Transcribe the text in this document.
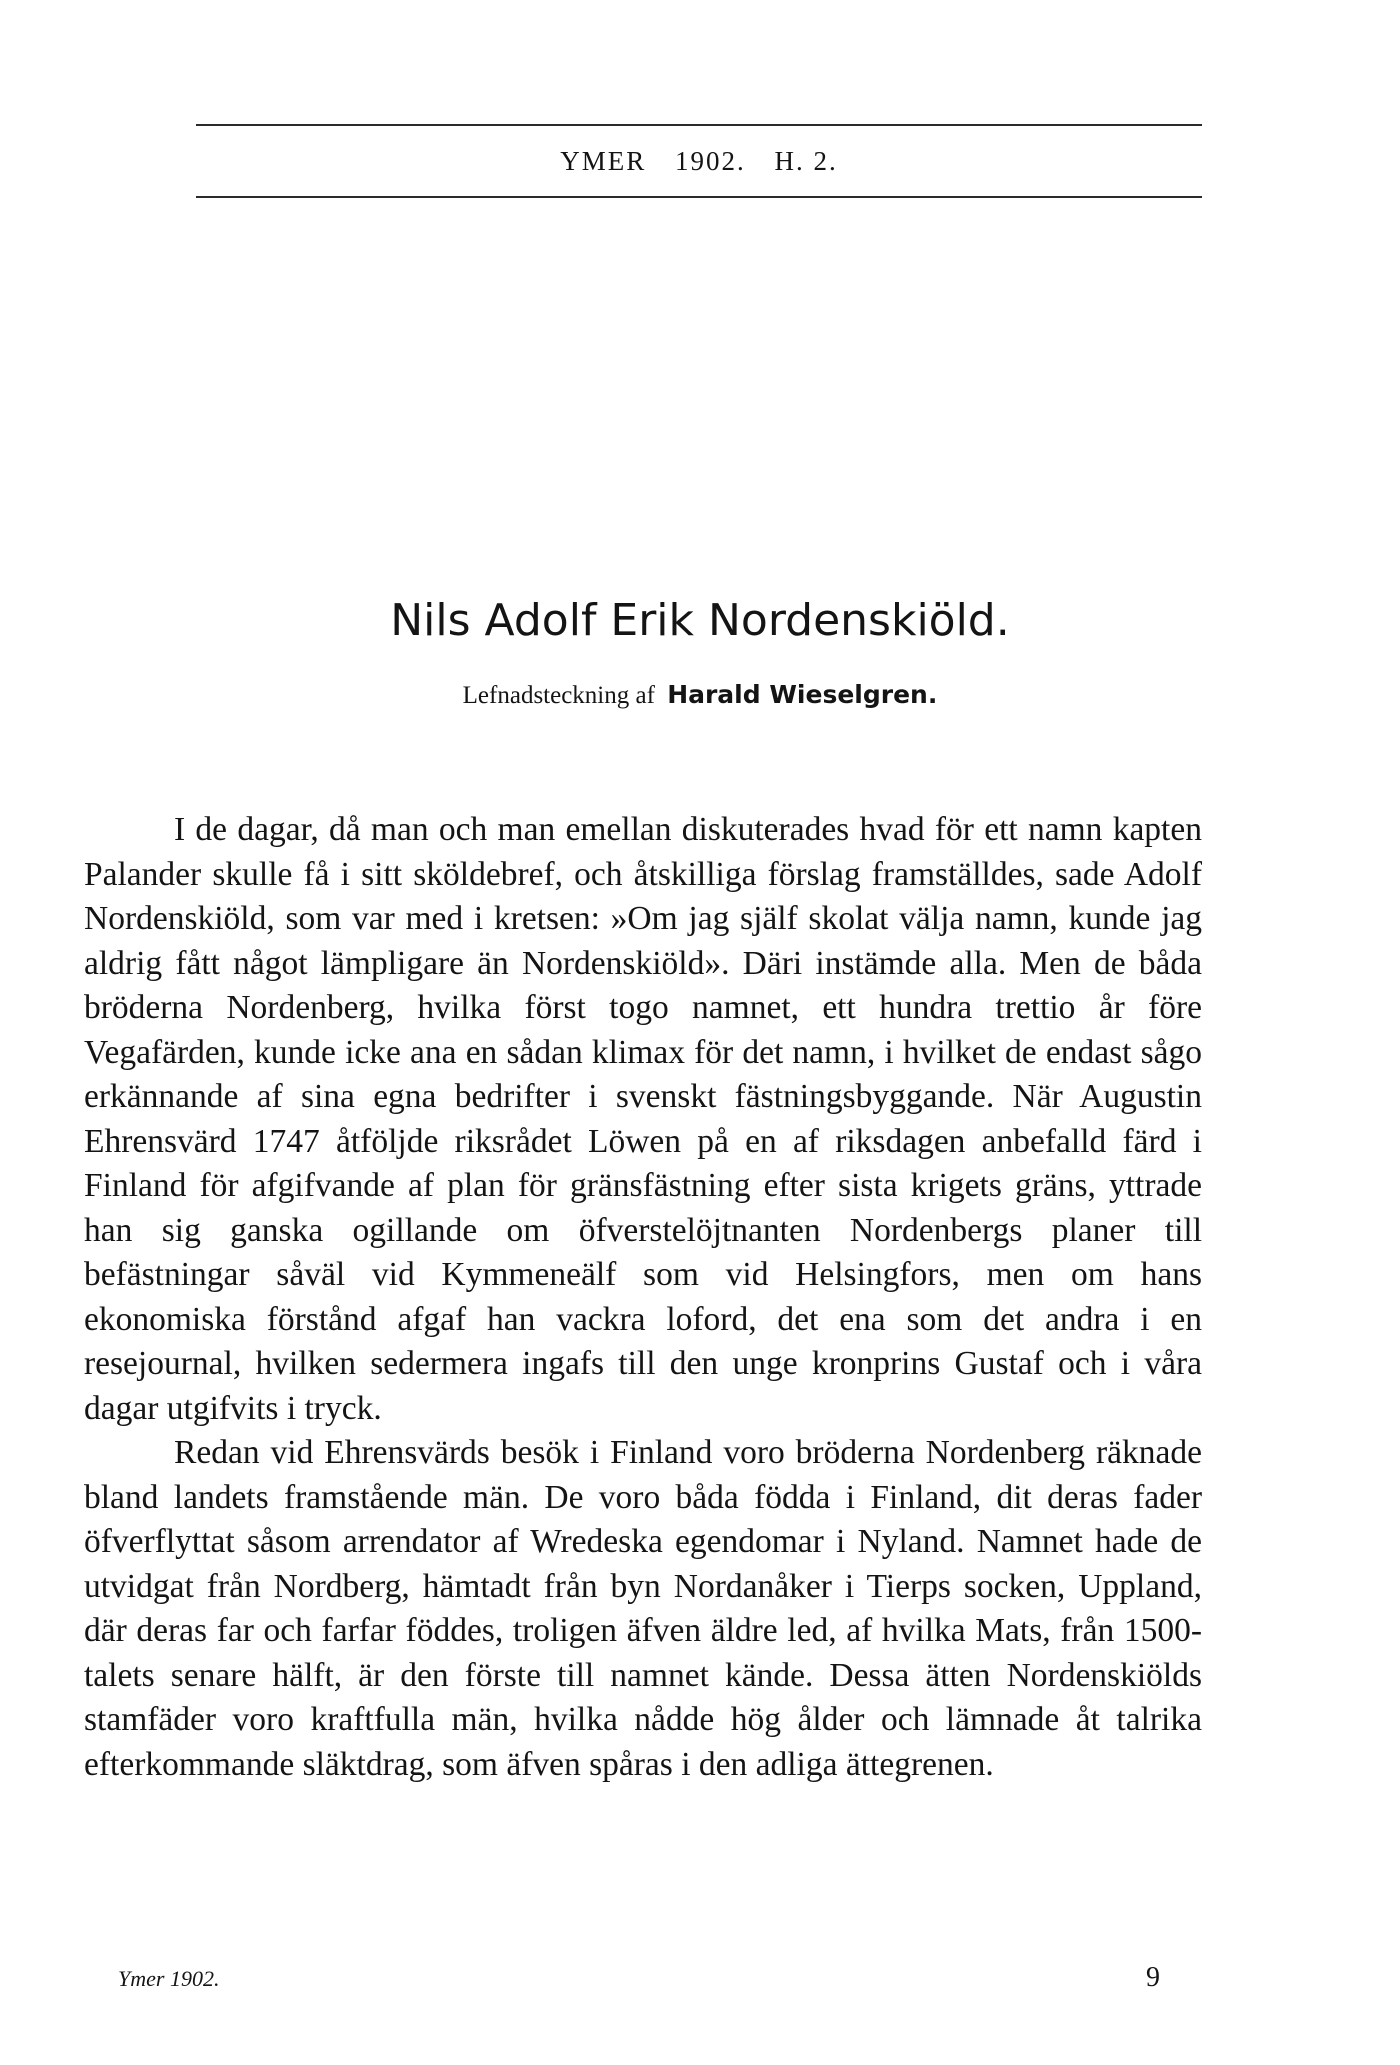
YMER 1902. H. 2.
Nils Adolf Erik Nordenskiöld.
Lefnadsteckning af Harald Wieselgren.

I de dagar, då man och man emellan diskuterades hvad för ett namn kapten Palander skulle få i sitt sköldebref, och åtskilliga förslag framställdes, sade Adolf Nordenskiöld, som var med i kretsen: »Om jag själf skolat välja namn, kunde jag aldrig fått något lämpligare än Nordenskiöld». Däri instämde alla. Men de båda bröderna Nordenberg, hvilka först togo namnet, ett hundra trettio år före Vegafärden, kunde icke ana en sådan klimax för det namn, i hvilket de endast sågo erkännande af sina egna bedrifter i svenskt fästningsbyggande. När Augustin Ehrensvärd 1747 åtföljde riksrådet Löwen på en af riksdagen anbefalld färd i Finland för afgifvande af plan för gränsfästning efter sista krigets gräns, yttrade han sig ganska ogillande om öfverstelöjtnanten Nordenbergs planer till befästningar såväl vid Kymmeneälf som vid Helsingfors, men om hans ekonomiska förstånd afgaf han vackra loford, det ena som det andra i en resejournal, hvilken sedermera ingafs till den unge kronprins Gustaf och i våra dagar utgifvits i tryck.

Redan vid Ehrensvärds besök i Finland voro bröderna Nordenberg räknade bland landets framstående män. De voro båda födda i Finland, dit deras fader öfverflyttat såsom arrendator af Wredeska egendomar i Nyland. Namnet hade de utvidgat från Nordberg, hämtadt från byn Nordanåker i Tierps socken, Uppland, där deras far och farfar föddes, troligen äfven äldre led, af hvilka Mats, från 1500-talets senare hälft, är den förste till namnet kände. Dessa ätten Nordenskiölds stamfäder voro kraftfulla män, hvilka nådde hög ålder och lämnade åt talrika efterkommande släktdrag, som äfven spåras i den adliga ättegrenen.

Ymer 1902.	9
